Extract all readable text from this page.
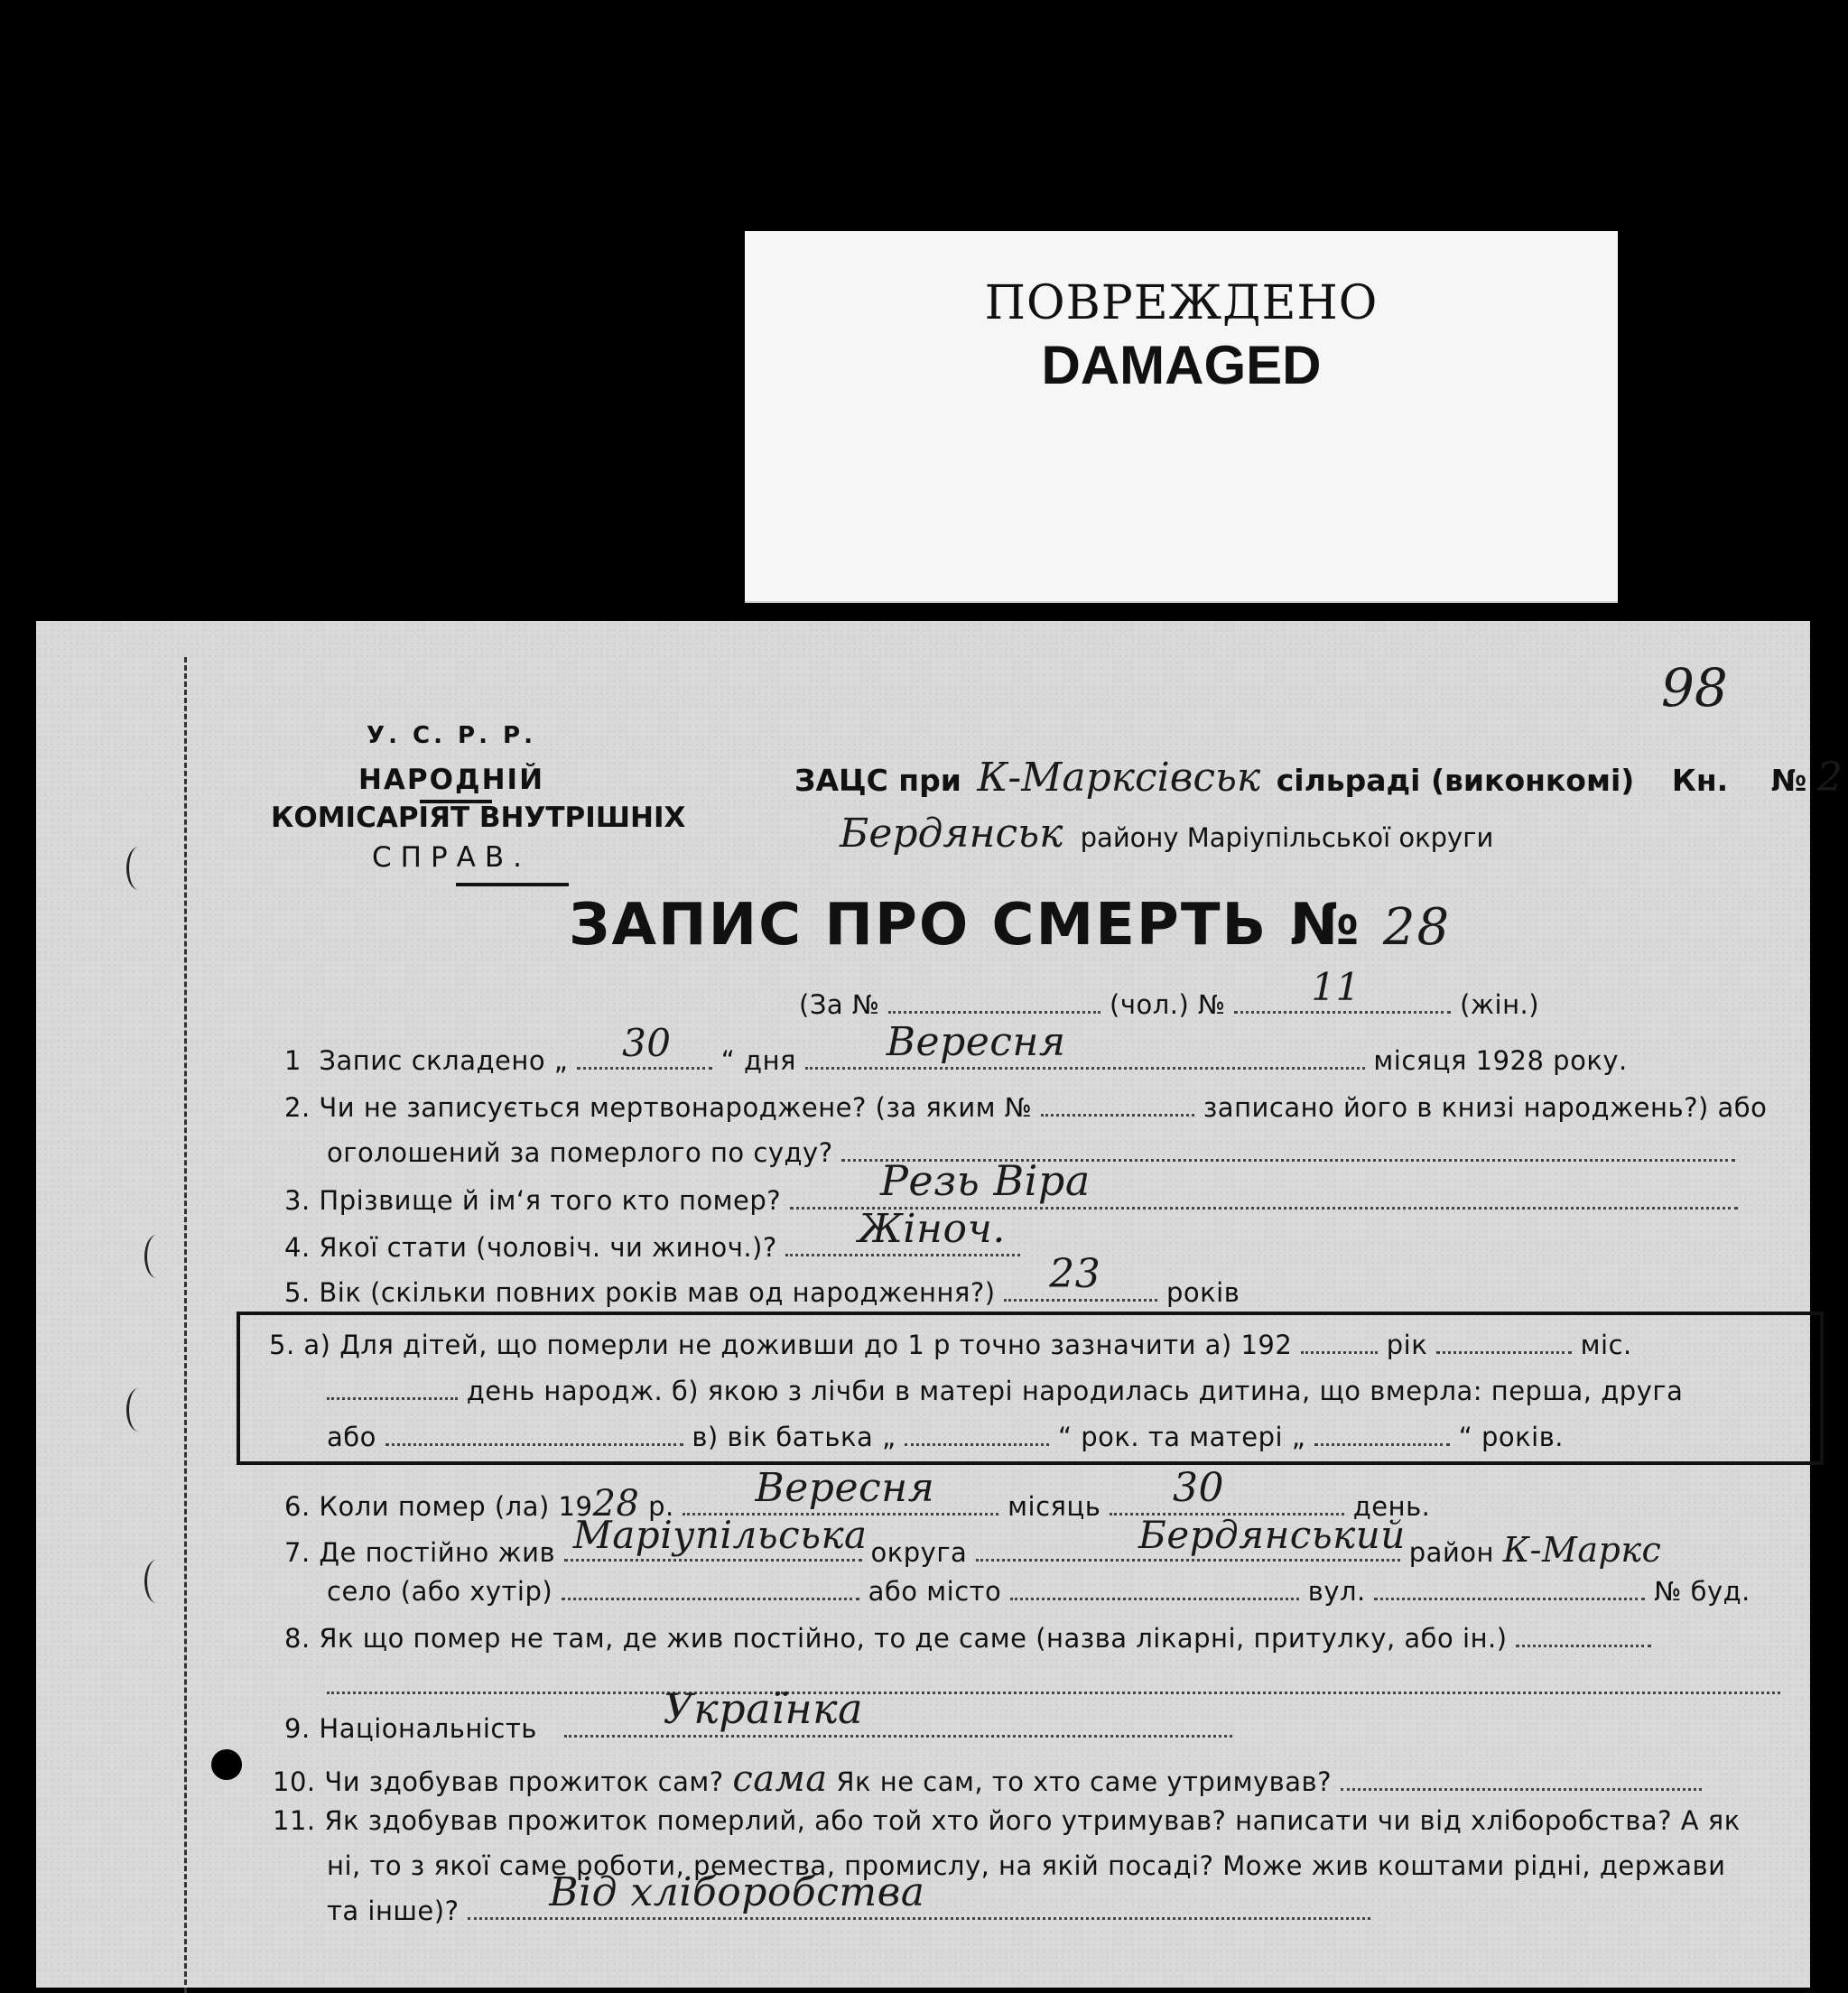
ПОВРЕЖДЕНО
DAMAGED
98
У. С. Р. Р.
НАРОДНІЙ
КОМІСАРІЯТ ВНУТРІШНІХ
СПРАВ.
ЗАЦС при К-Марксівськ сільраді (виконкомі) Кн. № 2
Бердянськ району Маріупільської округи
ЗАПИС ПРО СМЕРТЬ № 28
(За №	(чол.) № 11	(жін.)
1 Запис складено „ 30 “ дня Вересня	місяця 1928 року.
2. Чи не записується мертвонароджене? (за яким №	записано його в книзі народжень?) або
оголошений за померлого по суду?
3. Прізвище й ім‘я того кто помер? Резь Віра
4. Якої стати (чоловіч. чи жиноч.)? Жіноч.
5. Вік (скільки повних років мав од народження?) 23	років
5. а) Для дітей, що померли не доживши до 1 р точно зазначити а) 192	рік	міс.
день народж. б) якою з лічби в матері народилась дитина, що вмерла: перша, друга
або	в) вік батька „	“ рок. та матері „	“ років.
6. Коли помер (ла) 1928 р. Вересня	місяць 30	день.
7. Де постійно жив Маріупільська округа	Бердянський район К-Маркс
село (або хутір)	або місто	вул.	№ буд.
8. Як що помер не там, де жив постійно, то де саме (назва лікарні, притулку, або ін.)
9. Національність	Українка
10. Чи здобував прожиток сам? сама Як не сам, то хто саме утримував?
11. Як здобував прожиток померлий, або той хто його утримував? написати чи від хліборобства? А як
ні, то з якої саме роботи, ремества, промислу, на якій посаді? Може жив коштами рідні, держави
та інше)? Від хліборобства
